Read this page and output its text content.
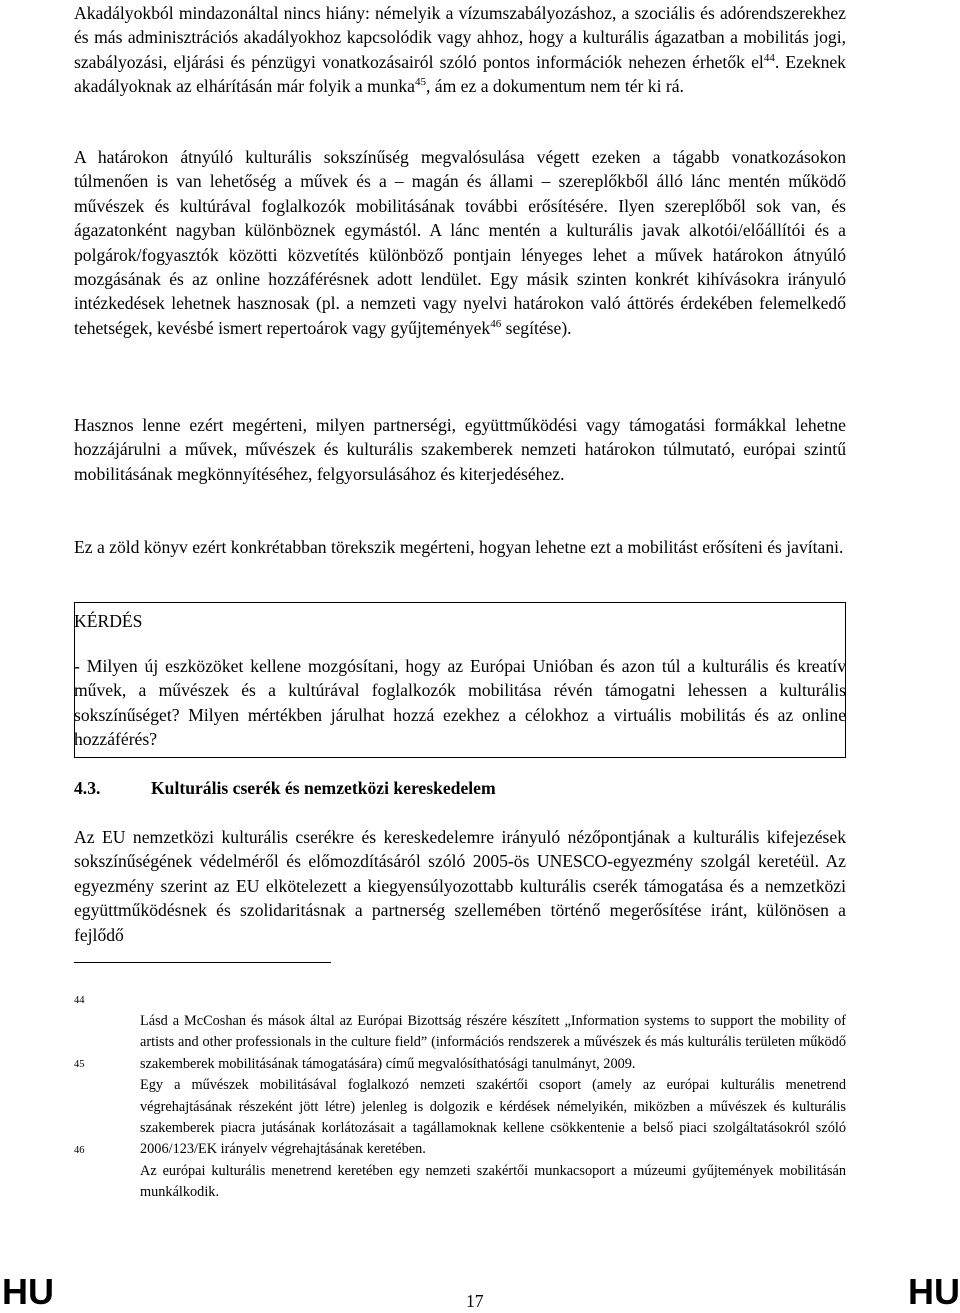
Akadályokból mindazonáltal nincs hiány: némelyik a vízumszabályozáshoz, a szociális és adórendszerekhez és más adminisztrációs akadályokhoz kapcsolódik vagy ahhoz, hogy a kulturális ágazatban a mobilitás jogi, szabályozási, eljárási és pénzügyi vonatkozásairól szóló pontos információk nehezen érhetők $el^{44}$. Ezeknek akadályoknak az elhárításán már folyik a munka$^{45}$, ám ez a dokumentum nem tér ki rá.

A határokon átnyúló kulturális sokszínűség megvalósulása végett ezeken a tágabb vonatkozásokon túlmenően is van lehetőség a művek és a – magán és állami – szereplőkből álló lánc mentén működő művészek és kultúrával foglalkozók mobilitásának további erősítésére. Ilyen szereplőből sok van, és ágazatonként nagyban különböznek egymástól. A lánc mentén a kulturális javak alkotói/előállítói és a polgárok/fogyasztók közötti közvetítés különböző pontjain lényeges lehet a művek határokon átnyúló mozgásának és az online hozzáférésnek adott lendület. Egy másik szinten konkrét kihívásokra irányuló intézkedések lehetnek hasznosak (pl. a nemzeti vagy nyelvi határokon való áttörés érdekében felemelkedő tehetségek, kevésbé ismert repertoárok vagy gyűjtemények$^{46}$ segítése).

Hasznos lenne ezért megérteni, milyen partnerségi, együttműködési vagy támogatási formákkal lehetne hozzájárulni a művek, művészek és kulturális szakemberek nemzeti határokon túlmutató, európai szintű mobilitásának megkönnyítéséhez, felgyorsulásához és kiterjedéséhez.

Ez a zöld könyv ezért konkrétabban törekszik megérteni, hogyan lehetne ezt a mobilitást erősíteni és javítani.

KÉRDÉS

- Milyen új eszközöket kellene mozgósítani, hogy az Európai Unióban és azon túl a kulturális és kreatív művek, a művészek és a kultúrával foglalkozók mobilitása révén támogatni lehessen a kulturális sokszínűséget? Milyen mértékben járulhat hozzá ezekhez a célokhoz a virtuális mobilitás és az online hozzáférés?

4.3.	Kulturális cserék és nemzetközi kereskedelem

Az EU nemzetközi kulturális cserékre és kereskedelemre irányuló nézőpontjának a kulturális kifejezések sokszínűségének védelméről és előmozdításáról szóló 2005-ös UNESCO-egyezmény szolgál keretéül. Az egyezmény szerint az EU elkötelezett a kiegyensúlyozottabb kulturális cserék támogatása és a nemzetközi együttműködésnek és szolidaritásnak a partnerség szellemében történő megerősítése iránt, különösen a fejlődő

44
Lásd a McCoshan és mások által az Európai Bizottság részére készített „Information systems to support the mobility of artists and other professionals in the culture field” (információs rendszerek a művészek és más kulturális területen működő szakemberek mobilitásának támogatására) című megvalósíthatósági tanulmányt, 2009.
45
Egy a művészek mobilitásával foglalkozó nemzeti szakértői csoport (amely az európai kulturális menetrend végrehajtásának részeként jött létre) jelenleg is dolgozik e kérdések némelyikén, miközben a művészek és kulturális szakemberek piacra jutásának korlátozásait a tagállamoknak kellene csökkentenie a belső piaci szolgáltatásokról szóló 2006/123/EK irányelv végrehajtásának keretében.
46
Az európai kulturális menetrend keretében egy nemzeti szakértői munkacsoport a múzeumi gyűjtemények mobilitásán munkálkodik.
HU	17	HU
